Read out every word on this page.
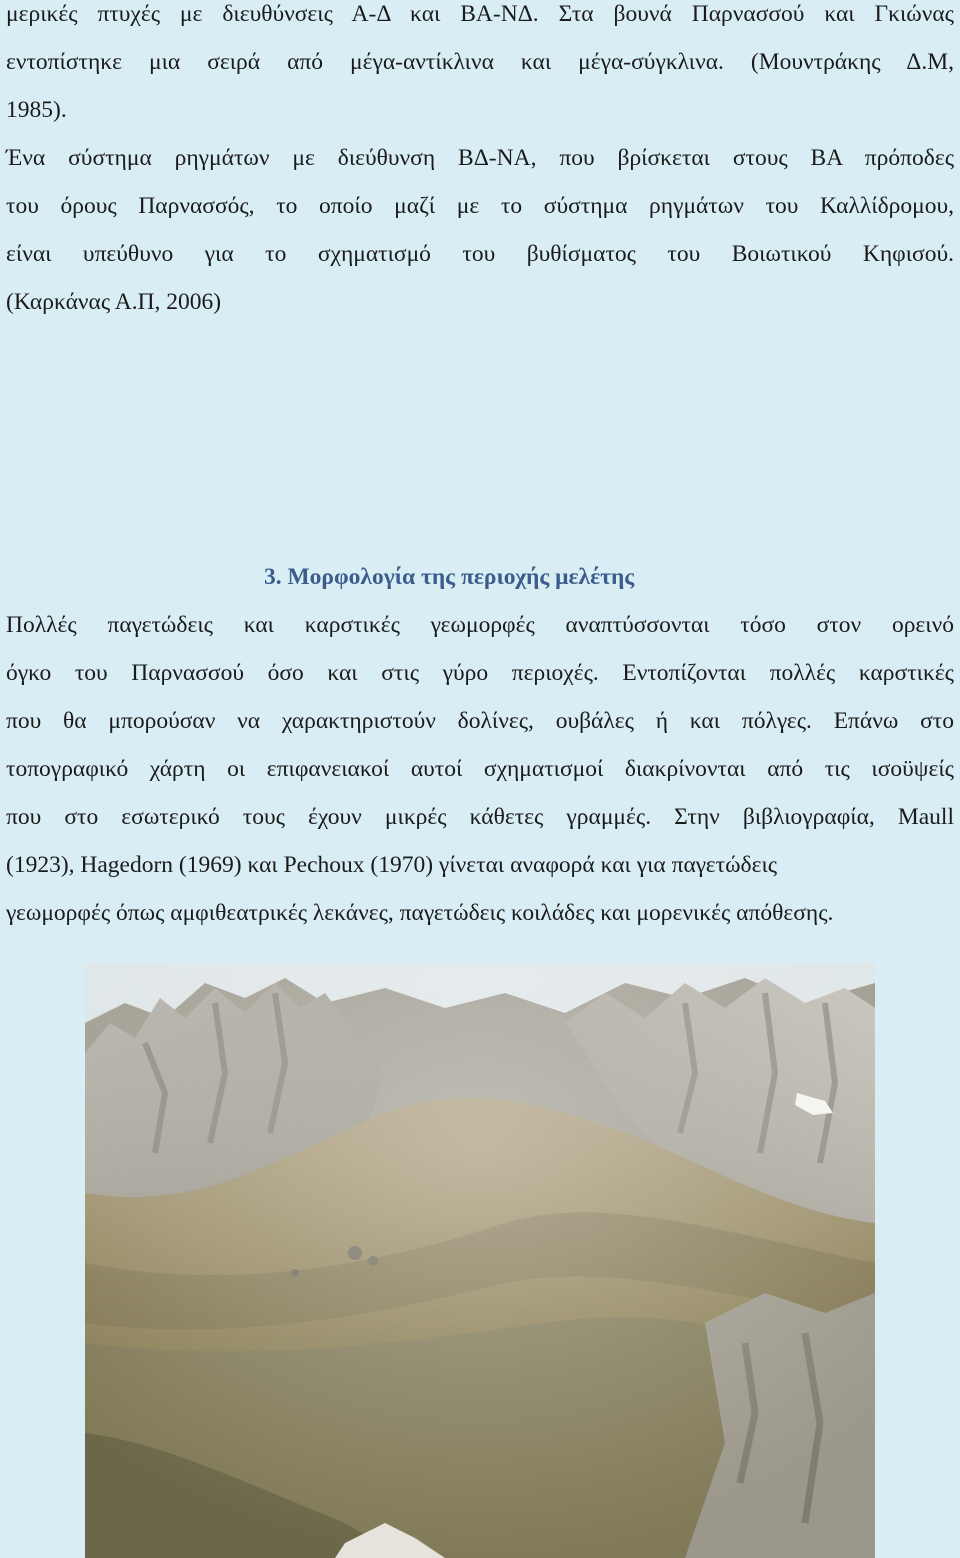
μερικές πτυχές με διευθύνσεις Α-Δ και ΒΑ-ΝΔ. Στα βουνά Παρνασσού και Γκιώνας
εντοπίστηκε μια σειρά από μέγα-αντίκλινα και μέγα-σύγκλινα. (Μουντράκης Δ.Μ,
1985).
Ένα σύστημα ρηγμάτων με διεύθυνση ΒΔ-ΝΑ, που βρίσκεται στους ΒΑ πρόποδες
του όρους Παρνασσός, το οποίο μαζί με το σύστημα ρηγμάτων του Καλλίδρομου,
είναι υπεύθυνο για το σχηματισμό του βυθίσματος του Βοιωτικού Κηφισού.
(Καρκάνας Α.Π, 2006)
3. Μορφολογία της περιοχής μελέτης
Πολλές παγετώδεις και καρστικές γεωμορφές αναπτύσσονται τόσο στον ορεινό
όγκο του Παρνασσού όσο και στις γύρο περιοχές. Εντοπίζονται πολλές καρστικές
που θα μπορούσαν να χαρακτηριστούν δολίνες, ουβάλες ή και πόλγες. Επάνω στο
τοπογραφικό χάρτη οι επιφανειακοί αυτοί σχηματισμοί διακρίνονται από τις ισοϋψείς
που στο εσωτερικό τους έχουν μικρές κάθετες γραμμές. Στην βιβλιογραφία, Maull
(1923), Hagedorn (1969) και Pechoux (1970) γίνεται αναφορά και για παγετώδεις
γεωμορφές όπως αμφιθεατρικές λεκάνες, παγετώδεις κοιλάδες και μορενικές απόθεσης.
